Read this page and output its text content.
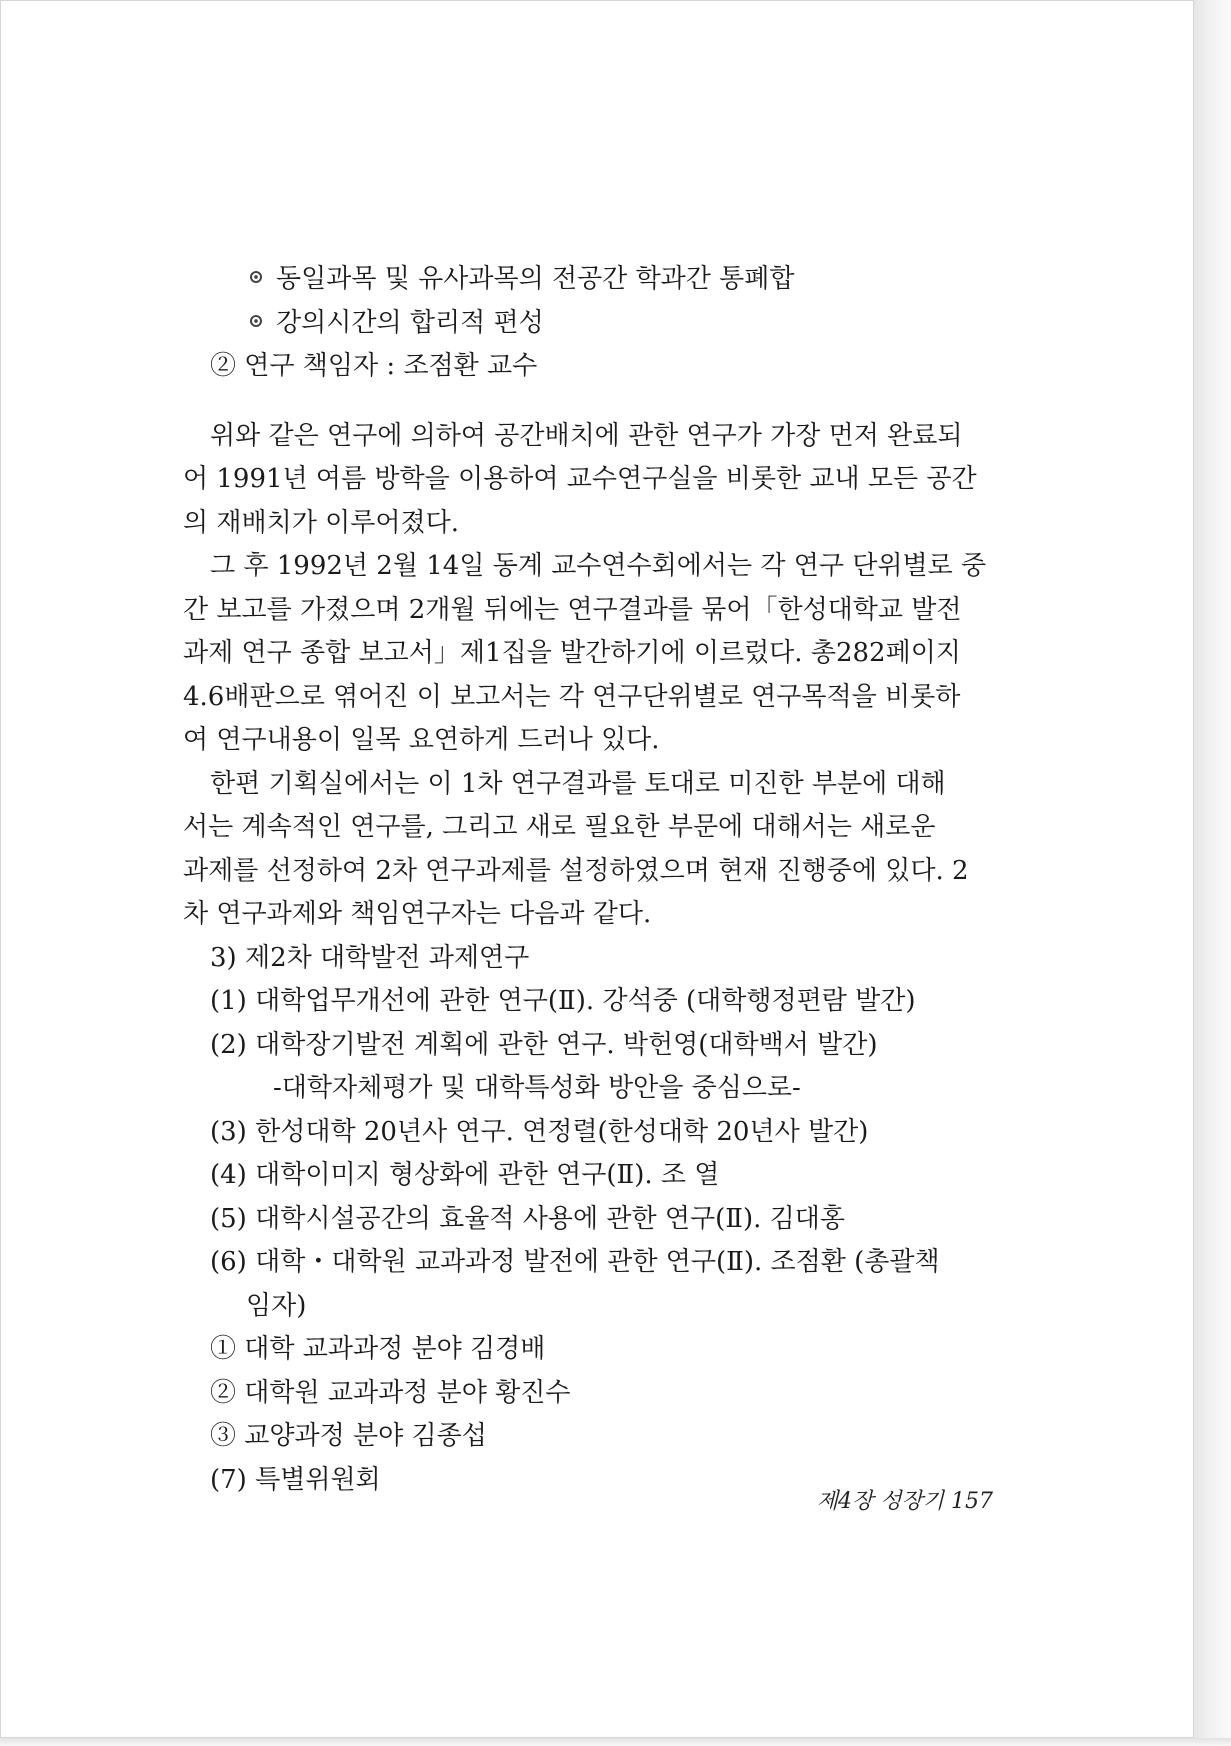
동일과목 및 유사과목의 전공간 학과간 통폐합
강의시간의 합리적 편성
② 연구 책임자 : 조점환 교수
위와 같은 연구에 의하여 공간배치에 관한 연구가 가장 먼저 완료되
어 1991년 여름 방학을 이용하여 교수연구실을 비롯한 교내 모든 공간
의 재배치가 이루어졌다.
그 후 1992년 2월 14일 동계 교수연수회에서는 각 연구 단위별로 중
간 보고를 가졌으며 2개월 뒤에는 연구결과를 묶어「한성대학교 발전
과제 연구 종합 보고서」제1집을 발간하기에 이르렀다. 총282페이지
4.6배판으로 엮어진 이 보고서는 각 연구단위별로 연구목적을 비롯하
여 연구내용이 일목 요연하게 드러나 있다.
한편 기획실에서는 이 1차 연구결과를 토대로 미진한 부분에 대해
서는 계속적인 연구를, 그리고 새로 필요한 부문에 대해서는 새로운
과제를 선정하여 2차 연구과제를 설정하였으며 현재 진행중에 있다. 2
차 연구과제와 책임연구자는 다음과 같다.
3) 제2차 대학발전 과제연구
(1) 대학업무개선에 관한 연구(Ⅱ). 강석중 (대학행정편람 발간)
(2) 대학장기발전 계획에 관한 연구. 박헌영(대학백서 발간)
-대학자체평가 및 대학특성화 방안을 중심으로-
(3) 한성대학 20년사 연구. 연정렬(한성대학 20년사 발간)
(4) 대학이미지 형상화에 관한 연구(Ⅱ). 조 열
(5) 대학시설공간의 효율적 사용에 관한 연구(Ⅱ). 김대홍
(6) 대학・대학원 교과과정 발전에 관한 연구(Ⅱ). 조점환 (총괄책
임자)
① 대학 교과과정 분야 김경배
② 대학원 교과과정 분야 황진수
③ 교양과정 분야 김종섭
(7) 특별위원회
제4장 성장기 157
